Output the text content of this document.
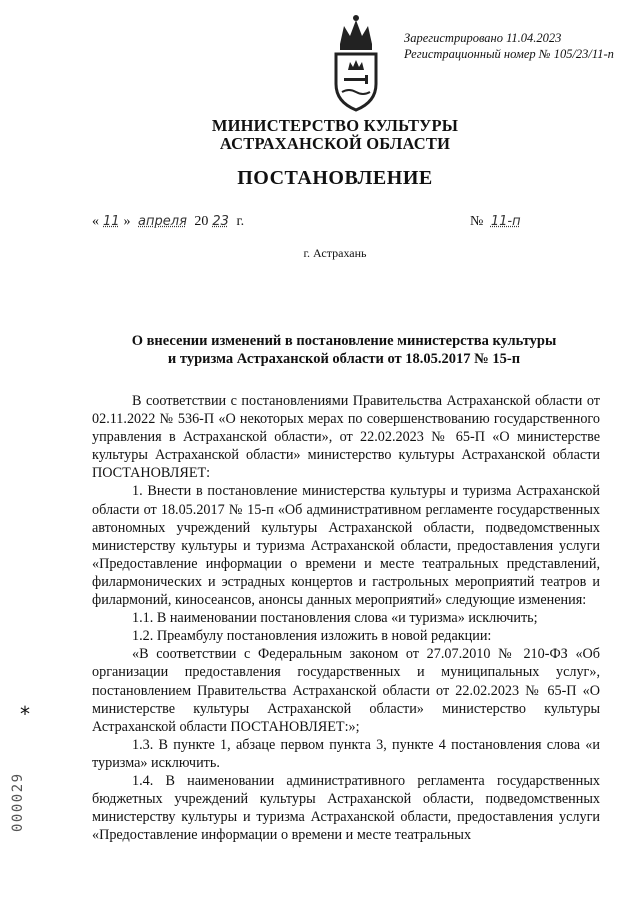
Зарегистрировано 11.04.2023
Регистрационный номер № 105/23/11-п
МИНИСТЕРСТВО КУЛЬТУРЫ
АСТРАХАНСКОЙ ОБЛАСТИ
ПОСТАНОВЛЕНИЕ
« 11 » апреля 20 23 г.	№ 11-п
г. Астрахань
О внесении изменений в постановление министерства культуры
и туризма Астраханской области от 18.05.2017 № 15-п

В соответствии с постановлениями Правительства Астраханской области от 02.11.2022 № 536-П «О некоторых мерах по совершенствованию государственного управления в Астраханской области», от 22.02.2023 № 65-П «О министерстве культуры Астраханской области» министерство культуры Астраханской области ПОСТАНОВЛЯЕТ:

1. Внести в постановление министерства культуры и туризма Астраханской области от 18.05.2017 № 15-п «Об административном регламенте государственных автономных учреждений культуры Астраханской области, подведомственных министерству культуры и туризма Астраханской области, предоставления услуги «Предоставление информации о времени и месте театральных представлений, филармонических и эстрадных концертов и гастрольных мероприятий театров и филармоний, киносеансов, анонсы данных мероприятий» следующие изменения:

1.1. В наименовании постановления слова «и туризма» исключить;

1.2. Преамбулу постановления изложить в новой редакции:

«В соответствии с Федеральным законом от 27.07.2010 № 210-ФЗ «Об организации предоставления государственных и муниципальных услуг», постановлением Правительства Астраханской области от 22.02.2023 № 65-П «О министерстве культуры Астраханской области» министерство культуры Астраханской области ПОСТАНОВЛЯЕТ:»;

1.3. В пункте 1, абзаце первом пункта 3, пункте 4 постановления слова «и туризма» исключить.

1.4. В наименовании административного регламента государственных бюджетных учреждений культуры Астраханской области, подведомственных министерству культуры и туризма Астраханской области, предоставления услуги «Предоставление информации о времени и месте театральных

*
000029
